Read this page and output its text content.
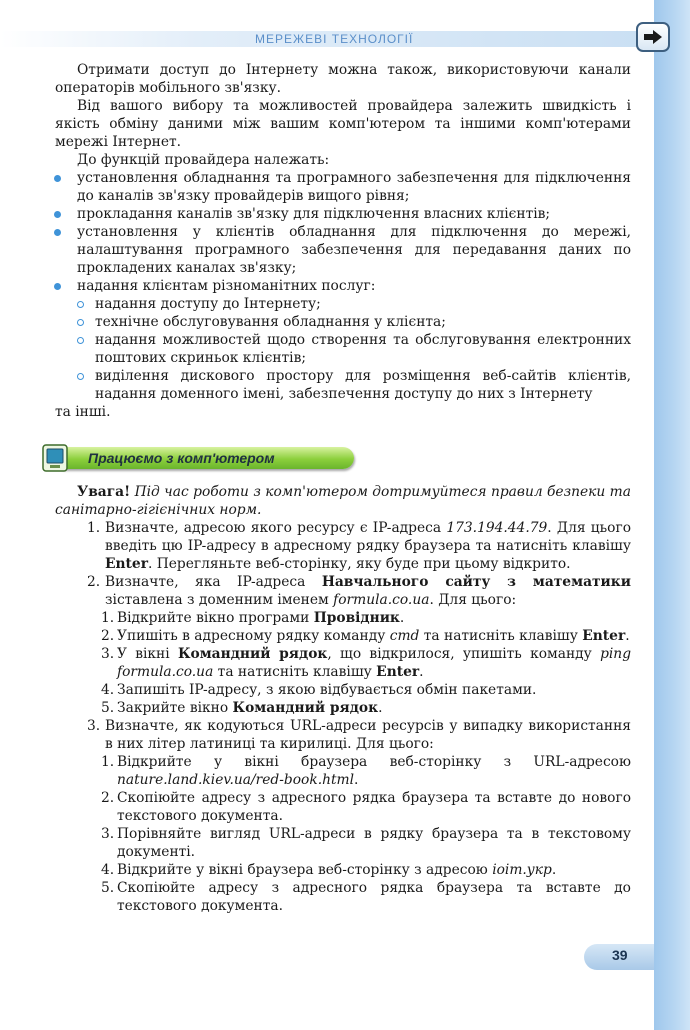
МЕРЕЖЕВІ ТЕХНОЛОГІЇ

Отримати доступ до Інтернету можна також, використовуючи канали операторів мобільного зв'язку.

Від вашого вибору та можливостей провайдера залежить швидкість і якість обміну даними між вашим комп'ютером та іншими комп'ютерами мережі Інтернет.

До функцій провайдера належать:

установлення обладнання та програмного забезпечення для підключення до каналів зв'язку провайдерів вищого рівня;
прокладання каналів зв'язку для підключення власних клієнтів;
установлення у клієнтів обладнання для підключення до мережі, налаштування програмного забезпечення для передавання даних по прокладених каналах зв'язку;
надання клієнтам різноманітних послуг:
надання доступу до Інтернету;
технічне обслуговування обладнання у клієнта;
надання можливостей щодо створення та обслуговування електронних поштових скриньок клієнтів;
виділення дискового простору для розміщення веб-сайтів клієнтів, надання доменного імені, забезпечення доступу до них з Інтернету

та інші.

Працюємо з комп'ютером

Увага! Під час роботи з комп'ютером дотримуйтеся правил безпеки та санітарно-гігієнічних норм.

1. Визначте, адресою якого ресурсу є IP-адреса 173.194.44.79. Для цього введіть цю IP-адресу в адресному рядку браузера та натисніть клавішу Enter. Перегляньте веб-сторінку, яку буде при цьому відкрито.
2. Визначте, яка IP-адреса Навчального сайту з математики зіставлена з доменним іменем formula.co.ua. Для цього:
1. Відкрийте вікно програми Провідник.
2. Упишіть в адресному рядку команду cmd та натисніть клавішу Enter.
3. У вікні Командний рядок, що відкрилося, упишіть команду ping formula.co.ua та натисніть клавішу Enter.
4. Запишіть IP-адресу, з якою відбувається обмін пакетами.
5. Закрийте вікно Командний рядок.
3. Визначте, як кодуються URL-адреси ресурсів у випадку використання в них літер латиниці та кирилиці. Для цього:
1. Відкрийте у вікні браузера веб-сторінку з URL-адресою nature.land.kiev.ua/red-book.html.
2. Скопіюйте адресу з адресного рядка браузера та вставте до нового текстового документа.
3. Порівняйте вигляд URL-адреси в рядку браузера та в текстовому документі.
4. Відкрийте у вікні браузера веб-сторінку з адресою іоіт.укр.
5. Скопіюйте адресу з адресного рядка браузера та вставте до текстового документа.
39
